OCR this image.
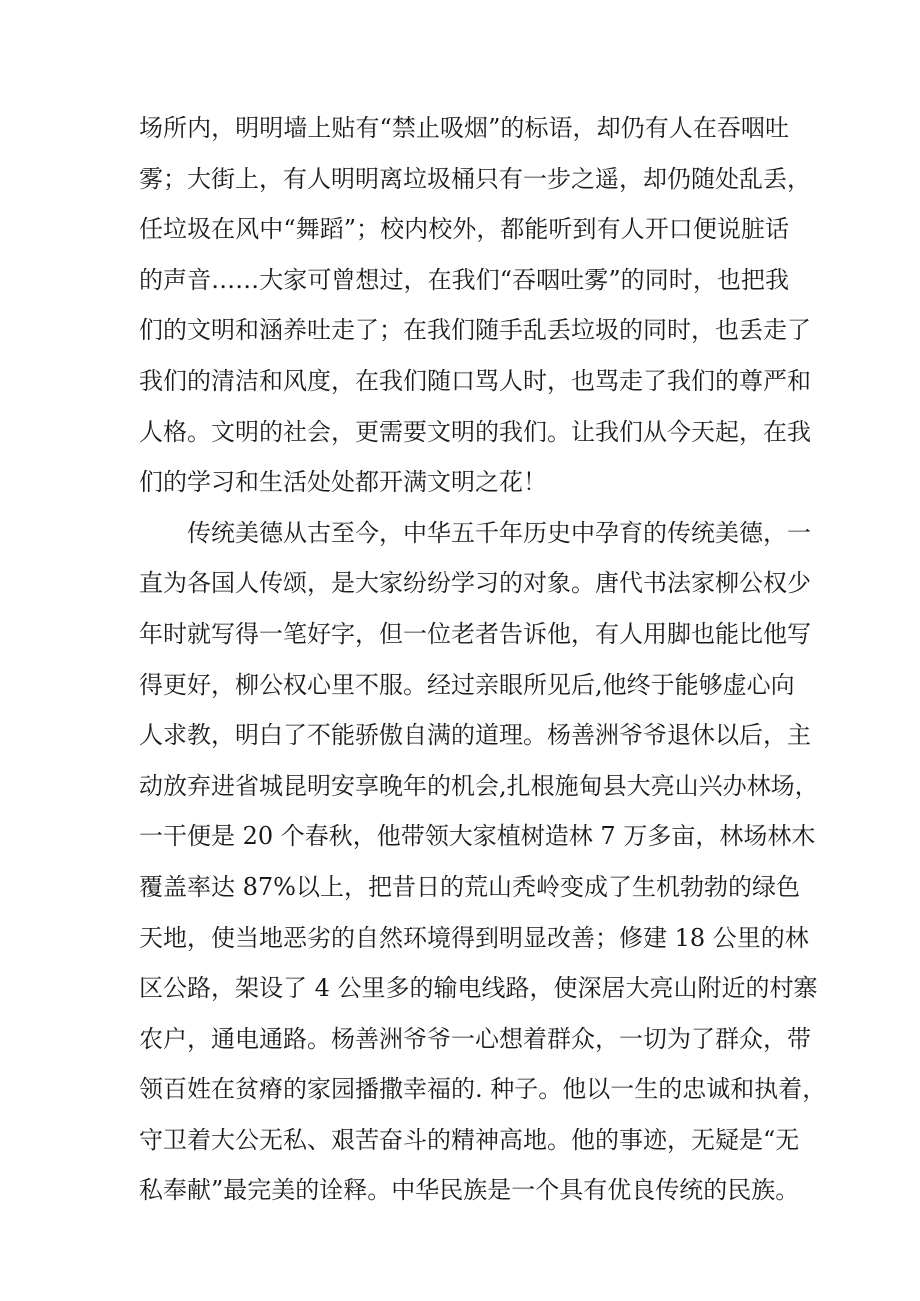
场所内，明明墙上贴有“禁止吸烟”的标语，却仍有人在吞咽吐
雾；大街上，有人明明离垃圾桶只有一步之遥，却仍随处乱丢，
任垃圾在风中“舞蹈”；校内校外，都能听到有人开口便说脏话
的声音……大家可曾想过，在我们“吞咽吐雾”的同时，也把我
们的文明和涵养吐走了；在我们随手乱丢垃圾的同时，也丢走了
我们的清洁和风度，在我们随口骂人时，也骂走了我们的尊严和
人格。文明的社会，更需要文明的我们。让我们从今天起，在我
们的学习和生活处处都开满文明之花！
传统美德从古至今，中华五千年历史中孕育的传统美德，一
直为各国人传颂，是大家纷纷学习的对象。唐代书法家柳公权少
年时就写得一笔好字，但一位老者告诉他，有人用脚也能比他写
得更好，柳公权心里不服。经过亲眼所见后,他终于能够虚心向
人求教，明白了不能骄傲自满的道理。杨善洲爷爷退休以后，主
动放弃进省城昆明安享晚年的机会,扎根施甸县大亮山兴办林场，
一干便是 20 个春秋，他带领大家植树造林 7 万多亩，林场林木
覆盖率达 87%以上，把昔日的荒山秃岭变成了生机勃勃的绿色
天地，使当地恶劣的自然环境得到明显改善；修建 18 公里的林
区公路，架设了 4 公里多的输电线路，使深居大亮山附近的村寨
农户，通电通路。杨善洲爷爷一心想着群众，一切为了群众，带
领百姓在贫瘠的家园播撒幸福的. 种子。他以一生的忠诚和执着，
守卫着大公无私、艰苦奋斗的精神高地。他的事迹，无疑是“无
私奉献”最完美的诠释。中华民族是一个具有优良传统的民族。
